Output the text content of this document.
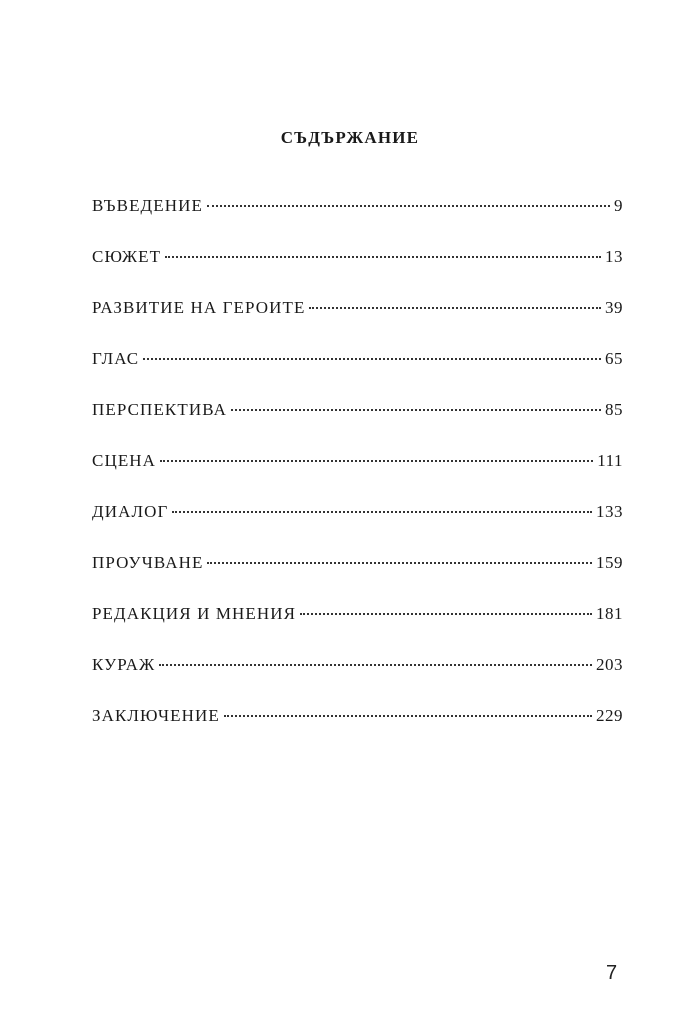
СЪДЪРЖАНИЕ
ВЪВЕДЕНИЕ	9
СЮЖЕТ	13
РАЗВИТИЕ НА ГЕРОИТЕ	39
ГЛАС	65
ПЕРСПЕКТИВА	85
СЦЕНА	111
ДИАЛОГ	133
ПРОУЧВАНЕ	159
РЕДАКЦИЯ И МНЕНИЯ	181
КУРАЖ	203
ЗАКЛЮЧЕНИЕ	229
7
